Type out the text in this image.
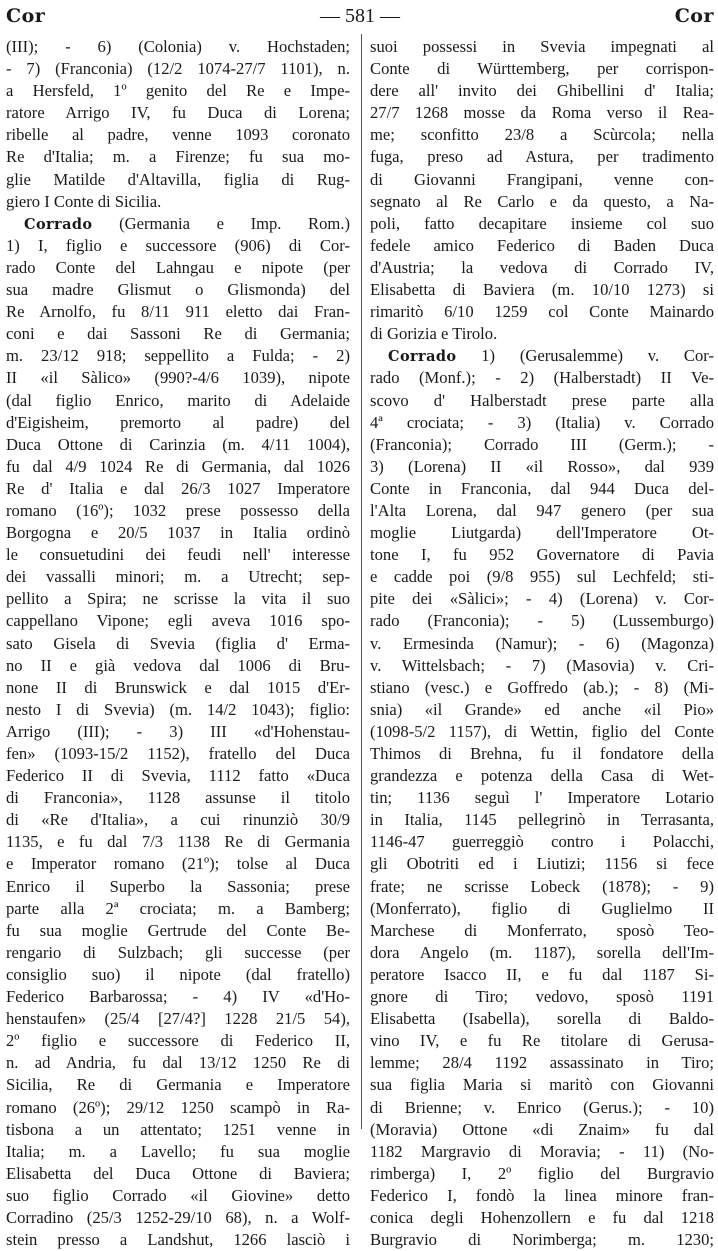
Cor	— 581 —	Cor
(III); - 6) (Colonia) v. Hochstaden;
- 7) (Franconia) (12/2 1074-27/7 1101), n.
a Hersfeld, 1º genito del Re e Impe-
ratore Arrigo IV, fu Duca di Lorena;
ribelle al padre, venne 1093 coronato
Re d'Italia; m. a Firenze; fu sua mo-
glie Matilde d'Altavilla, figlia di Rug-
giero I Conte di Sicilia.
Corrado (Germania e Imp. Rom.)
1) I, figlio e successore (906) di Cor-
rado Conte del Lahngau e nipote (per
sua madre Glismut o Glismonda) del
Re Arnolfo, fu 8/11 911 eletto dai Fran-
coni e dai Sassoni Re di Germania;
m. 23/12 918; seppellito a Fulda; - 2)
II «il Sàlico» (990?-4/6 1039), nipote
(dal figlio Enrico, marito di Adelaide
d'Eigisheim, premorto al padre) del
Duca Ottone di Carinzia (m. 4/11 1004),
fu dal 4/9 1024 Re di Germania, dal 1026
Re d' Italia e dal 26/3 1027 Imperatore
romano (16º); 1032 prese possesso della
Borgogna e 20/5 1037 in Italia ordinò
le consuetudini dei feudi nell' interesse
dei vassalli minori; m. a Utrecht; sep-
pellito a Spira; ne scrisse la vita il suo
cappellano Vipone; egli aveva 1016 spo-
sato Gisela di Svevia (figlia d' Erma-
no II e già vedova dal 1006 di Bru-
none II di Brunswick e dal 1015 d'Er-
nesto I di Svevia) (m. 14/2 1043); figlio:
Arrigo (III); - 3) III «d'Hohenstau-
fen» (1093-15/2 1152), fratello del Duca
Federico II di Svevia, 1112 fatto «Duca
di Franconia», 1128 assunse il titolo
di «Re d'Italia», a cui rinunziò 30/9
1135, e fu dal 7/3 1138 Re di Germania
e Imperator romano (21º); tolse al Duca
Enrico il Superbo la Sassonia; prese
parte alla 2ª crociata; m. a Bamberg;
fu sua moglie Gertrude del Conte Be-
rengario di Sulzbach; gli successe (per
consiglio suo) il nipote (dal fratello)
Federico Barbarossa; - 4) IV «d'Ho-
henstaufen» (25/4 [27/4?] 1228 21/5 54),
2º figlio e successore di Federico II,
n. ad Andria, fu dal 13/12 1250 Re di
Sicilia, Re di Germania e Imperatore
romano (26º); 29/12 1250 scampò in Ra-
tisbona a un attentato; 1251 venne in
Italia; m. a Lavello; fu sua moglie
Elisabetta del Duca Ottone di Baviera;
suo figlio Corrado «il Giovine» detto
Corradino (25/3 1252-29/10 68), n. a Wolf-
stein presso a Landshut, 1266 lasciò i
suoi possessi in Svevia impegnati al
Conte di Württemberg, per corrispon-
dere all' invito dei Ghibellini d' Italia;
27/7 1268 mosse da Roma verso il Rea-
me; sconfitto 23/8 a Scùrcola; nella
fuga, preso ad Astura, per tradimento
di Giovanni Frangipani, venne con-
segnato al Re Carlo e da questo, a Na-
poli, fatto decapitare insieme col suo
fedele amico Federico di Baden Duca
d'Austria; la vedova di Corrado IV,
Elisabetta di Baviera (m. 10/10 1273) si
rimaritò 6/10 1259 col Conte Mainardo
di Gorizia e Tirolo.
Corrado 1) (Gerusalemme) v. Cor-
rado (Monf.); - 2) (Halberstadt) II Ve-
scovo d' Halberstadt prese parte alla
4ª crociata; - 3) (Italia) v. Corrado
(Franconia); Corrado III (Germ.); -
3) (Lorena) II «il Rosso», dal 939
Conte in Franconia, dal 944 Duca del-
l'Alta Lorena, dal 947 genero (per sua
moglie Liutgarda) dell'Imperatore Ot-
tone I, fu 952 Governatore di Pavia
e cadde poi (9/8 955) sul Lechfeld; sti-
pite dei «Sàlici»; - 4) (Lorena) v. Cor-
rado (Franconia); - 5) (Lussemburgo)
v. Ermesinda (Namur); - 6) (Magonza)
v. Wittelsbach; - 7) (Masovia) v. Cri-
stiano (vesc.) e Goffredo (ab.); - 8) (Mi-
snia) «il Grande» ed anche «il Pio»
(1098-5/2 1157), di Wettin, figlio del Conte
Thimos di Brehna, fu il fondatore della
grandezza e potenza della Casa di Wet-
tin; 1136 seguì l' Imperatore Lotario
in Italia, 1145 pellegrinò in Terrasanta,
1146-47 guerreggiò contro i Polacchi,
gli Obotriti ed i Liutizi; 1156 si fece
frate; ne scrisse Lobeck (1878); - 9)
(Monferrato), figlio di Guglielmo II
Marchese di Monferrato, sposò Teo-
dora Angelo (m. 1187), sorella dell'Im-
peratore Isacco II, e fu dal 1187 Si-
gnore di Tiro; vedovo, sposò 1191
Elisabetta (Isabella), sorella di Baldo-
vino IV, e fu Re titolare di Gerusa-
lemme; 28/4 1192 assassinato in Tiro;
sua figlia Maria si maritò con Giovanni
di Brienne; v. Enrico (Gerus.); - 10)
(Moravia) Ottone «di Znaim» fu dal
1182 Margravio di Moravia; - 11) (No-
rimberga) I, 2º figlio del Burgravio
Federico I, fondò la linea minore fran-
conica degli Hohenzollern e fu dal 1218
Burgravio di Norimberga; m. 1230;
